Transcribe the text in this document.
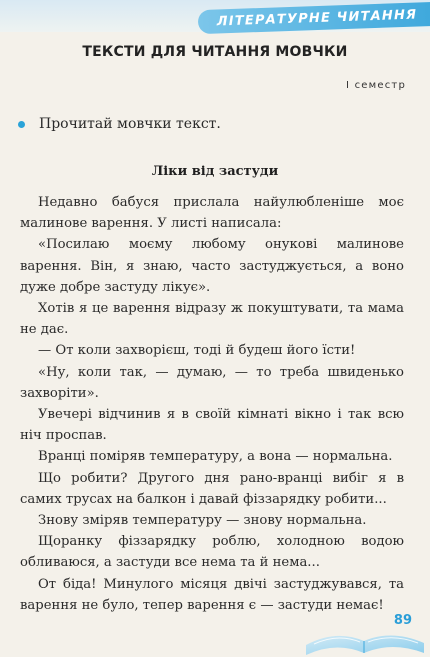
ЛІТЕРАТУРНЕ ЧИТАННЯ
ТЕКСТИ ДЛЯ ЧИТАННЯ МОВЧКИ
І семестр
Прочитай мовчки текст.
Ліки від застуди

Недавно бабуся прислала найулюбленіше моє малинове варення. У листі написала:

«Посилаю моєму любому онукові малинове варення. Він, я знаю, часто застуджується, а воно дуже добре застуду лікує».

Хотів я це варення відразу ж покуштувати, та мама не дає.

— От коли захворієш, тоді й будеш його їсти!

«Ну, коли так, — думаю, — то треба швиденько захворіти».

Увечері відчинив я в своїй кімнаті вікно і так всю ніч проспав.

Вранці поміряв температуру, а вона — нормальна.

Що робити? Другого дня рано-вранці вибіг я в самих трусах на балкон і давай фіззарядку робити...

Знову зміряв температуру — знову нормальна.

Щоранку фіззарядку роблю, холодною водою обливаюся, а застуди все нема та й нема...

От біда! Минулого місяця двічі застуджувався, та варення не було, тепер варення є — застуди немає!

89
